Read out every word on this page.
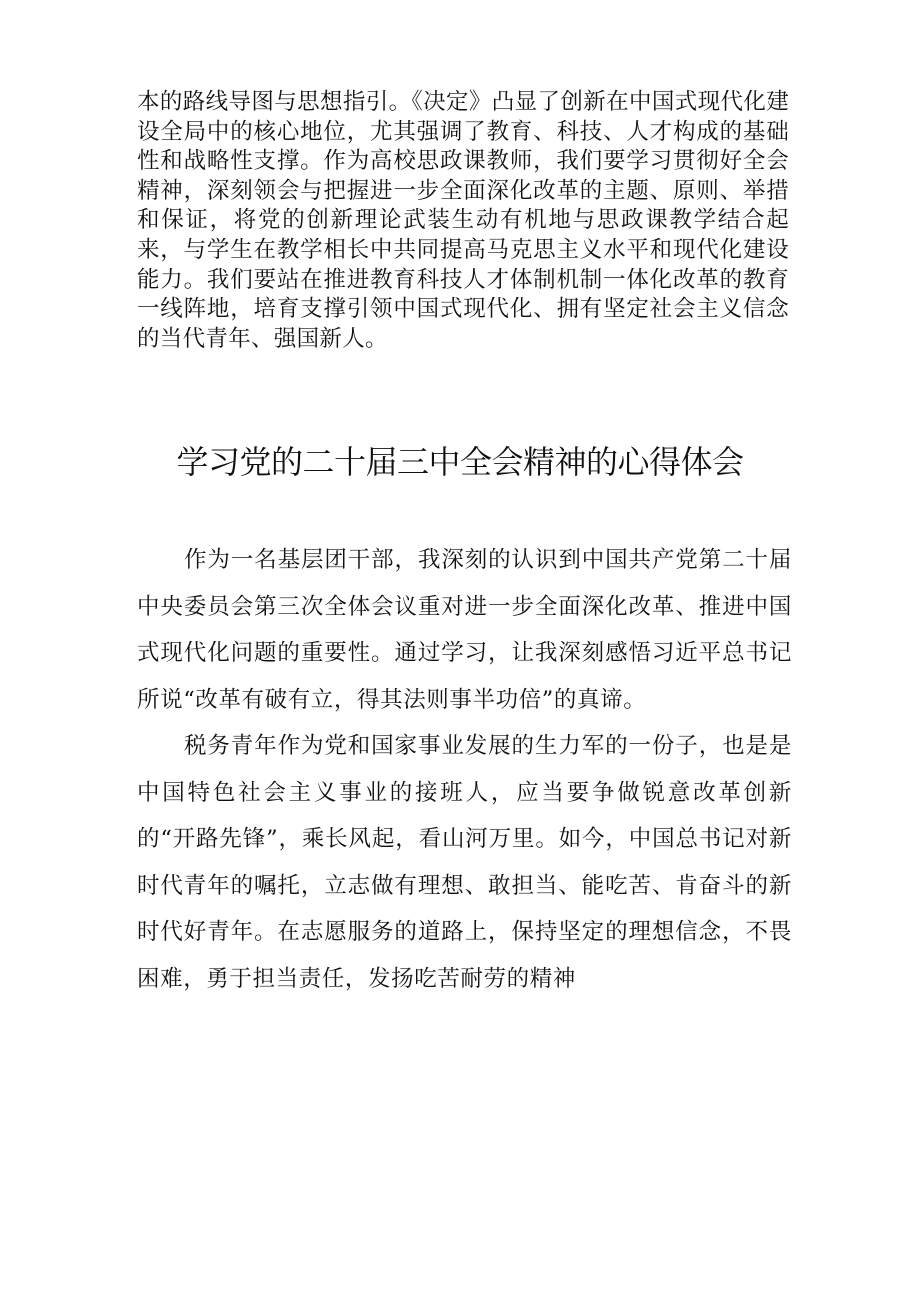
本的路线导图与思想指引。《决定》凸显了创新在中国式现代化建设全局中的核心地位，尤其强调了教育、科技、人才构成的基础性和战略性支撑。作为高校思政课教师，我们要学习贯彻好全会精神，深刻领会与把握进一步全面深化改革的主题、原则、举措和保证，将党的创新理论武装生动有机地与思政课教学结合起来，与学生在教学相长中共同提高马克思主义水平和现代化建设能力。我们要站在推进教育科技人才体制机制一体化改革的教育一线阵地，培育支撑引领中国式现代化、拥有坚定社会主义信念的当代青年、强国新人。

学习党的二十届三中全会精神的心得体会

作为一名基层团干部，我深刻的认识到中国共产党第二十届中央委员会第三次全体会议重对进一步全面深化改革、推进中国式现代化问题的重要性。通过学习，让我深刻感悟习近平总书记所说“改革有破有立，得其法则事半功倍”的真谛。

税务青年作为党和国家事业发展的生力军的一份子，也是是中国特色社会主义事业的接班人，应当要争做锐意改革创新的“开路先锋”，乘长风起，看山河万里。如今，中国总书记对新时代青年的嘱托，立志做有理想、敢担当、能吃苦、肯奋斗的新时代好青年。在志愿服务的道路上，保持坚定的理想信念，不畏困难，勇于担当责任，发扬吃苦耐劳的精神
